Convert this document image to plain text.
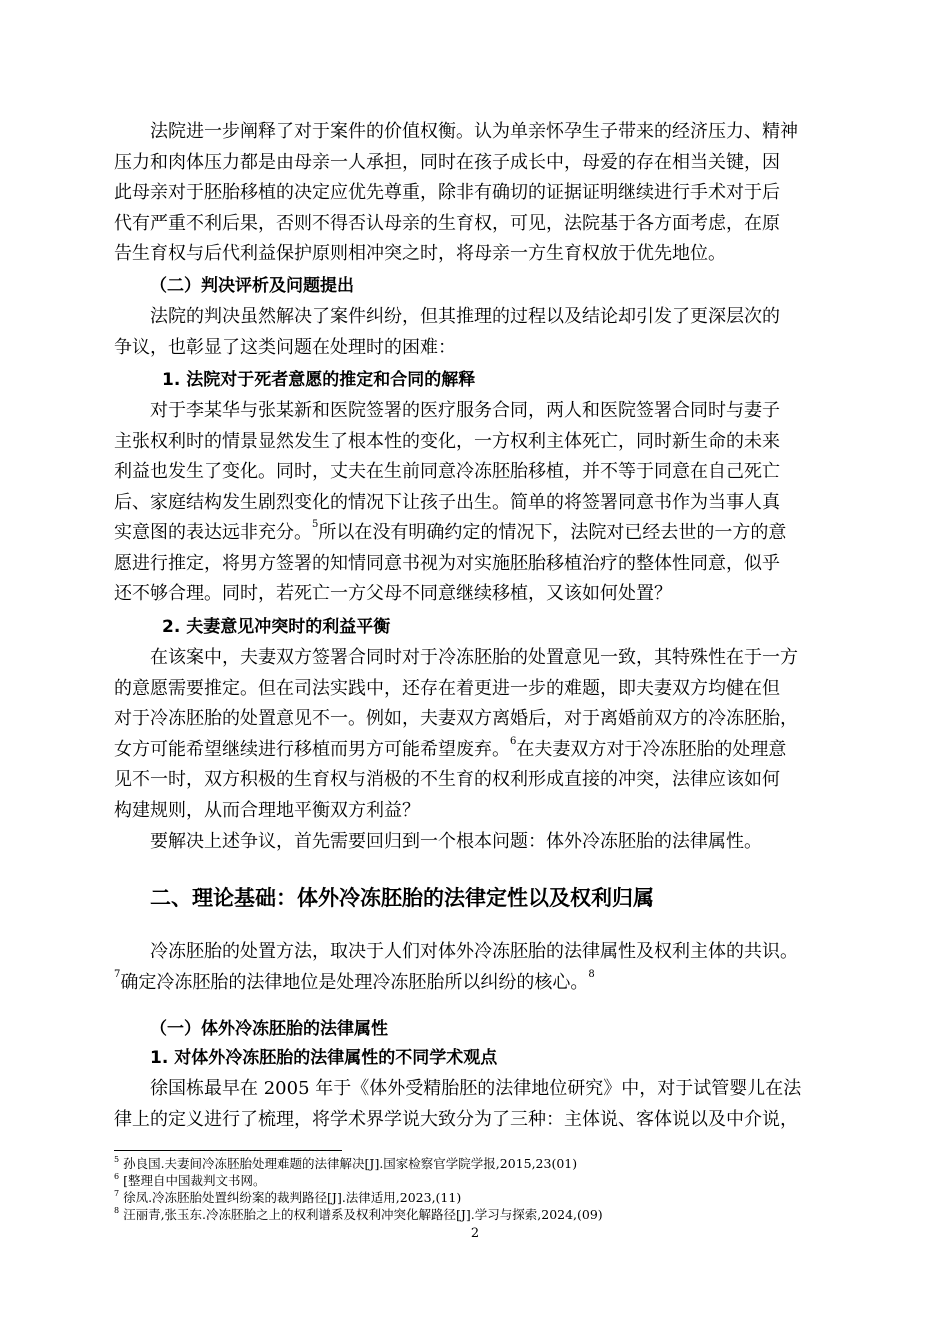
法院进一步阐释了对于案件的价值权衡。认为单亲怀孕生子带来的经济压力、精神
压力和肉体压力都是由母亲一人承担，同时在孩子成长中，母爱的存在相当关键，因
此母亲对于胚胎移植的决定应优先尊重，除非有确切的证据证明继续进行手术对于后
代有严重不利后果，否则不得否认母亲的生育权，可见，法院基于各方面考虑，在原
告生育权与后代利益保护原则相冲突之时，将母亲一方生育权放于优先地位。
（二）判决评析及问题提出
法院的判决虽然解决了案件纠纷，但其推理的过程以及结论却引发了更深层次的
争议，也彰显了这类问题在处理时的困难：
1. 法院对于死者意愿的推定和合同的解释
对于李某华与张某新和医院签署的医疗服务合同，两人和医院签署合同时与妻子
主张权利时的情景显然发生了根本性的变化，一方权利主体死亡，同时新生命的未来
利益也发生了变化。同时，丈夫在生前同意冷冻胚胎移植，并不等于同意在自己死亡
后、家庭结构发生剧烈变化的情况下让孩子出生。简单的将签署同意书作为当事人真
实意图的表达远非充分。$^5$所以在没有明确约定的情况下，法院对已经去世的一方的意
愿进行推定，将男方签署的知情同意书视为对实施胚胎移植治疗的整体性同意，似乎
还不够合理。同时，若死亡一方父母不同意继续移植，又该如何处置？
2. 夫妻意见冲突时的利益平衡
在该案中，夫妻双方签署合同时对于冷冻胚胎的处置意见一致，其特殊性在于一方
的意愿需要推定。但在司法实践中，还存在着更进一步的难题，即夫妻双方均健在但
对于冷冻胚胎的处置意见不一。例如，夫妻双方离婚后，对于离婚前双方的冷冻胚胎，
女方可能希望继续进行移植而男方可能希望废弃。$^6$在夫妻双方对于冷冻胚胎的处理意
见不一时，双方积极的生育权与消极的不生育的权利形成直接的冲突，法律应该如何
构建规则，从而合理地平衡双方利益？
要解决上述争议，首先需要回归到一个根本问题：体外冷冻胚胎的法律属性。
二、理论基础：体外冷冻胚胎的法律定性以及权利归属
冷冻胚胎的处置方法，取决于人们对体外冷冻胚胎的法律属性及权利主体的共识。
$^7$确定冷冻胚胎的法律地位是处理冷冻胚胎所以纠纷的核心。$^8$
（一）体外冷冻胚胎的法律属性
1. 对体外冷冻胚胎的法律属性的不同学术观点
徐国栋最早在 2005 年于《体外受精胎胚的法律地位研究》中，对于试管婴儿在法
律上的定义进行了梳理，将学术界学说大致分为了三种：主体说、客体说以及中介说，
$^5$ 孙良国.夫妻间冷冻胚胎处理难题的法律解决[J].国家检察官学院学报,2015,23(01)
$^6$ [整理自中国裁判文书网。
$^7$ 徐凤.冷冻胚胎处置纠纷案的裁判路径[J].法律适用,2023,(11)
$^8$ 汪丽青,张玉东.冷冻胚胎之上的权利谱系及权利冲突化解路径[J].学习与探索,2024,(09)
2
